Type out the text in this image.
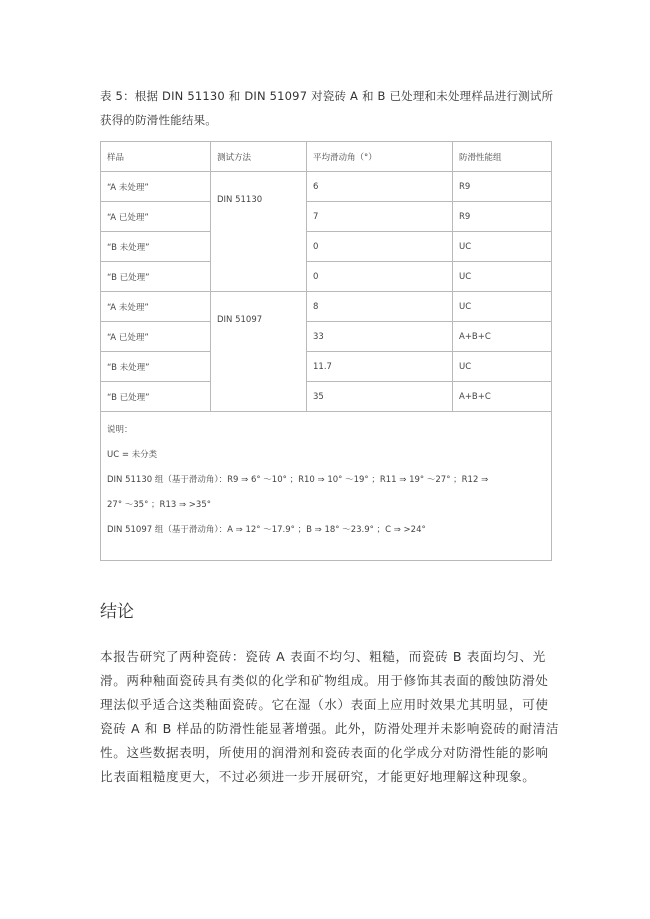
表 5：根据 DIN 51130 和 DIN 51097 对瓷砖 A 和 B 已处理和未处理样品进行测试所获得的防滑性能结果。
样品	测试方法	平均滑动角（°）	防滑性能组
“A 未处理”	DIN 51130	6	R9
“A 已处理”		7	R9
“B 未处理”		0	UC
“B 已处理”		0	UC
“A 未处理”	DIN 51097	8	UC
“A 已处理”		33	A+B+C
“B 未处理”		11.7	UC
“B 已处理”		35	A+B+C

说明：
UC = 未分类
DIN 51130 组（基于滑动角）：R9 ⇒ 6° ～10° ；R10 ⇒ 10° ～19° ；R11 ⇒ 19° ～27° ；R12 ⇒
27° ～35° ；R13 ⇒ >35°
DIN 51097 组（基于滑动角）：A ⇒ 12° ～17.9° ；B ⇒ 18° ～23.9° ；C ⇒ >24°			
结论
本报告研究了两种瓷砖：瓷砖 A 表面不均匀、粗糙，而瓷砖 B 表面均匀、光滑。两种釉面瓷砖具有类似的化学和矿物组成。用于修饰其表面的酸蚀防滑处理法似乎适合这类釉面瓷砖。它在湿（水）表面上应用时效果尤其明显，可使瓷砖 A 和 B 样品的防滑性能显著增强。此外，防滑处理并未影响瓷砖的耐清洁性。这些数据表明，所使用的润滑剂和瓷砖表面的化学成分对防滑性能的影响比表面粗糙度更大，不过必须进一步开展研究，才能更好地理解这种现象。
